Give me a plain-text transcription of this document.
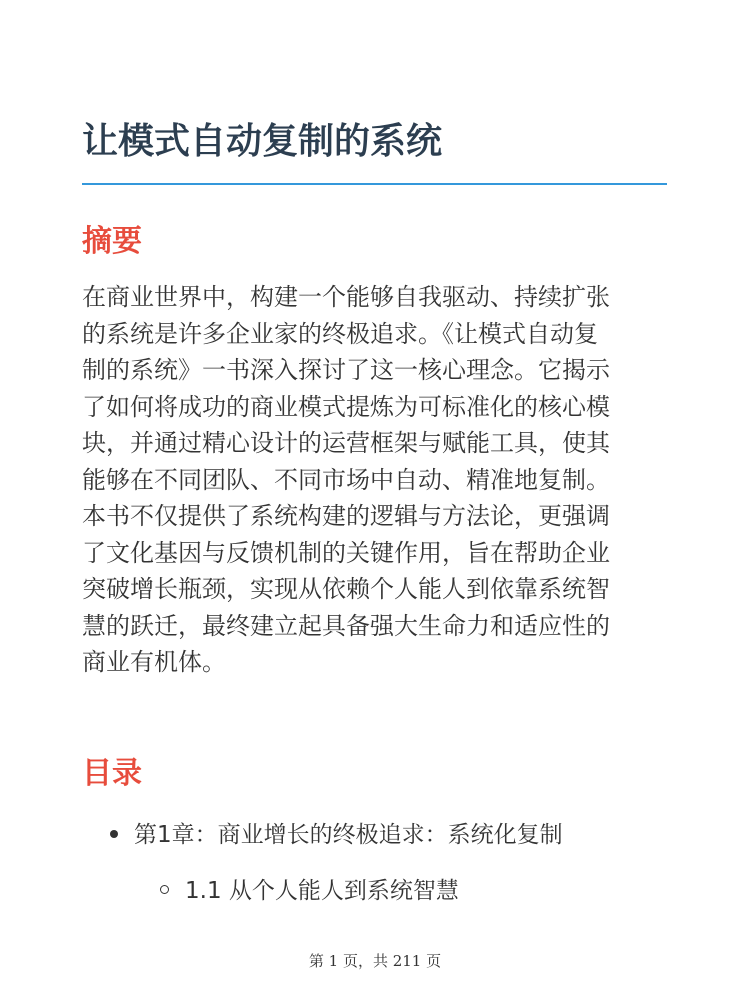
让模式自动复制的系统
摘要

在商业世界中，构建一个能够自我驱动、持续扩张
的系统是许多企业家的终极追求。《让模式自动复
制的系统》一书深入探讨了这一核心理念。它揭示
了如何将成功的商业模式提炼为可标准化的核心模
块，并通过精心设计的运营框架与赋能工具，使其
能够在不同团队、不同市场中自动、精准地复制。
本书不仅提供了系统构建的逻辑与方法论，更强调
了文化基因与反馈机制的关键作用，旨在帮助企业
突破增长瓶颈，实现从依赖个人能人到依靠系统智
慧的跃迁，最终建立起具备强大生命力和适应性的
商业有机体。

目录
第1章：商业增长的终极追求：系统化复制
1.1 从个人能人到系统智慧
第 1 页，共 211 页
